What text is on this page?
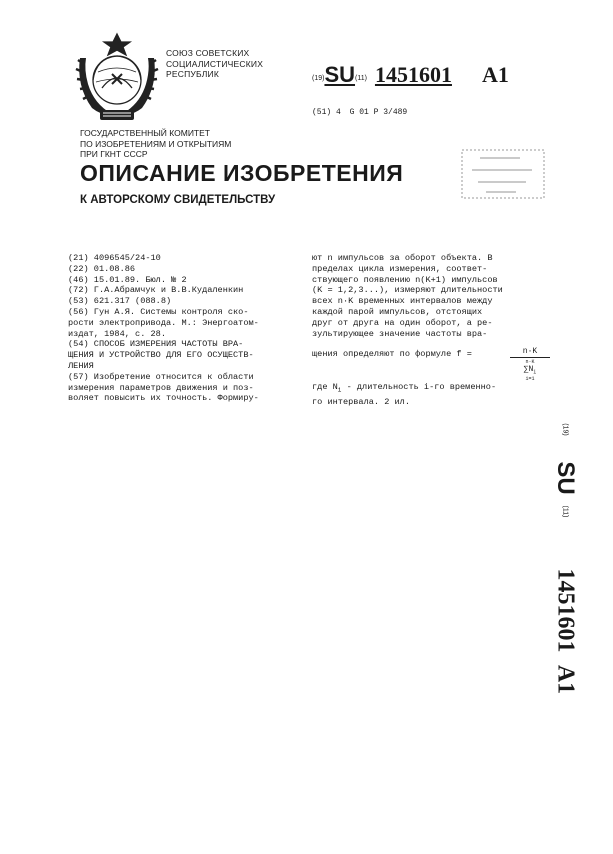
СОЮЗ СОВЕТСКИХ
СОЦИАЛИСТИЧЕСКИХ
РЕСПУБЛИК	(19)SU(11) 1451601 A1
(51) 4 G 01 P 3/489
ГОСУДАРСТВЕННЫЙ КОМИТЕТ
ПО ИЗОБРЕТЕНИЯМ И ОТКРЫТИЯМ
ПРИ ГКНТ СССР
ОПИСАНИЕ ИЗОБРЕТЕНИЯ
К АВТОРСКОМУ СВИДЕТЕЛЬСТВУ
(21) 4096545/24-10
(22) 01.08.86
(46) 15.01.89. Бюл. № 2
(72) Г.А.Абрамчук и В.В.Кудаленкин
(53) 621.317 (088.8)
(56) Гун А.Я. Системы контроля ско-
рости электропривода. М.: Энергоатом-
издат, 1984, с. 28.
(54) СПОСОБ ИЗМЕРЕНИЯ ЧАСТОТЫ ВРА-
ЩЕНИЯ И УСТРОЙСТВО ДЛЯ ЕГО ОСУЩЕСТВ-
ЛЕНИЯ
(57) Изобретение относится к области
измерения параметров движения и поз-
воляет повысить их точность. Формиру-
ют n импульсов за оборот объекта. В
пределах цикла измерения, соответ-
ствующего появлению n(K+1) импульсов
(K = 1,2,3...), измеряют длительности
всех n·K временных интервалов между
каждой парой импульсов, отстоящих
друг от друга на один оборот, а ре-
зультирующее значение частоты вра-
щения определяют по формуле f =
где $N_i$ - длительность i-го временно-
го интервала. 2 ил.
n·K
n·K
$\sum N_i$
i=1
(19)
SU
(11)
1451601
A1
